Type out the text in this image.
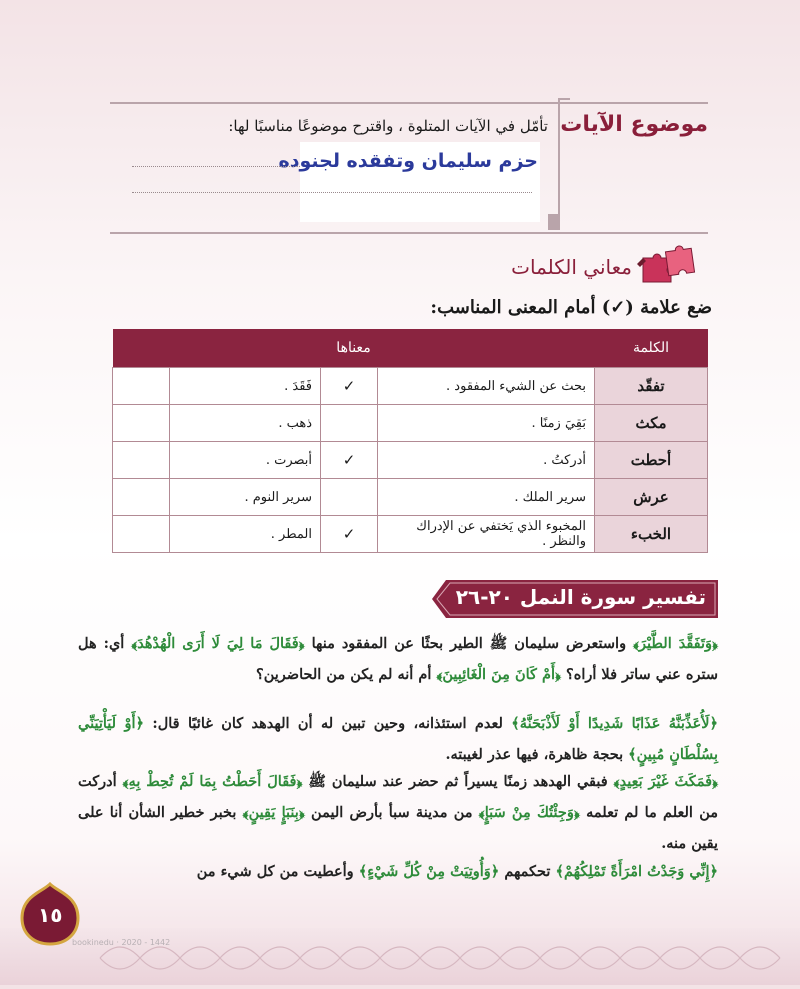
موضوع الآيات
تأمّل في الآيات المتلوة ، واقترح موضوعًا مناسبًا لها:
حزم سليمان وتفقده لجنوده
معاني الكلمات
ضع علامة (✓) أمام المعنى المناسب:
الكلمة	معناها			
تفقّد	بحث عن الشيء المفقود .	✓	فَقَدَ .	
مكث	بَقِيَ زمنًا .		ذهب .	
أحطت	أدركتُ .	✓	أبصرت .	
عرش	سرير الملك .		سرير النوم .	
الخبء	المخبوء الذي يَختفي عن الإدراك والنظر .	✓	المطر .	
تفسير سورة النمل ٢٠-٢٦
﴿وَتَفَقَّدَ الطَّيْرَ﴾ واستعرض سليمان ﷺ الطير بحثًا عن المفقود منها ﴿فَقَالَ مَا لِيَ لَا أَرَى الْهُدْهُدَ﴾ أي: هل ستره عني ساتر فلا أراه؟ ﴿أَمْ كَانَ مِنَ الْغَائِبِينَ﴾ أم أنه لم يكن من الحاضرين؟
﴿لَأُعَذِّبَنَّهُ عَذَابًا شَدِيدًا أَوْ لَأَذْبَحَنَّهُ﴾ لعدم استئذانه، وحين تبين له أن الهدهد كان غائبًا قال: ﴿أَوْ لَيَأْتِيَنِّي بِسُلْطَانٍ مُبِينٍ﴾ بحجة ظاهرة، فيها عذر لغيبته.
﴿فَمَكَثَ غَيْرَ بَعِيدٍ﴾ فبقي الهدهد زمنًا يسيراً ثم حضر عند سليمان ﷺ ﴿فَقَالَ أَحَطْتُ بِمَا لَمْ تُحِطْ بِهِ﴾ أدركت من العلم ما لم تعلمه ﴿وَجِئْتُكَ مِنْ سَبَإٍ﴾ من مدينة سبأ بأرض اليمن ﴿بِنَبَإٍ يَقِينٍ﴾ بخبر خطير الشأن أنا على يقين منه.
﴿إِنِّي وَجَدْتُ امْرَأَةً تَمْلِكُهُمْ﴾ تحكمهم ﴿وَأُوتِيَتْ مِنْ كُلِّ شَيْءٍ﴾ وأعطيت من كل شيء من
١٥
bookinedu · 2020 - 1442
